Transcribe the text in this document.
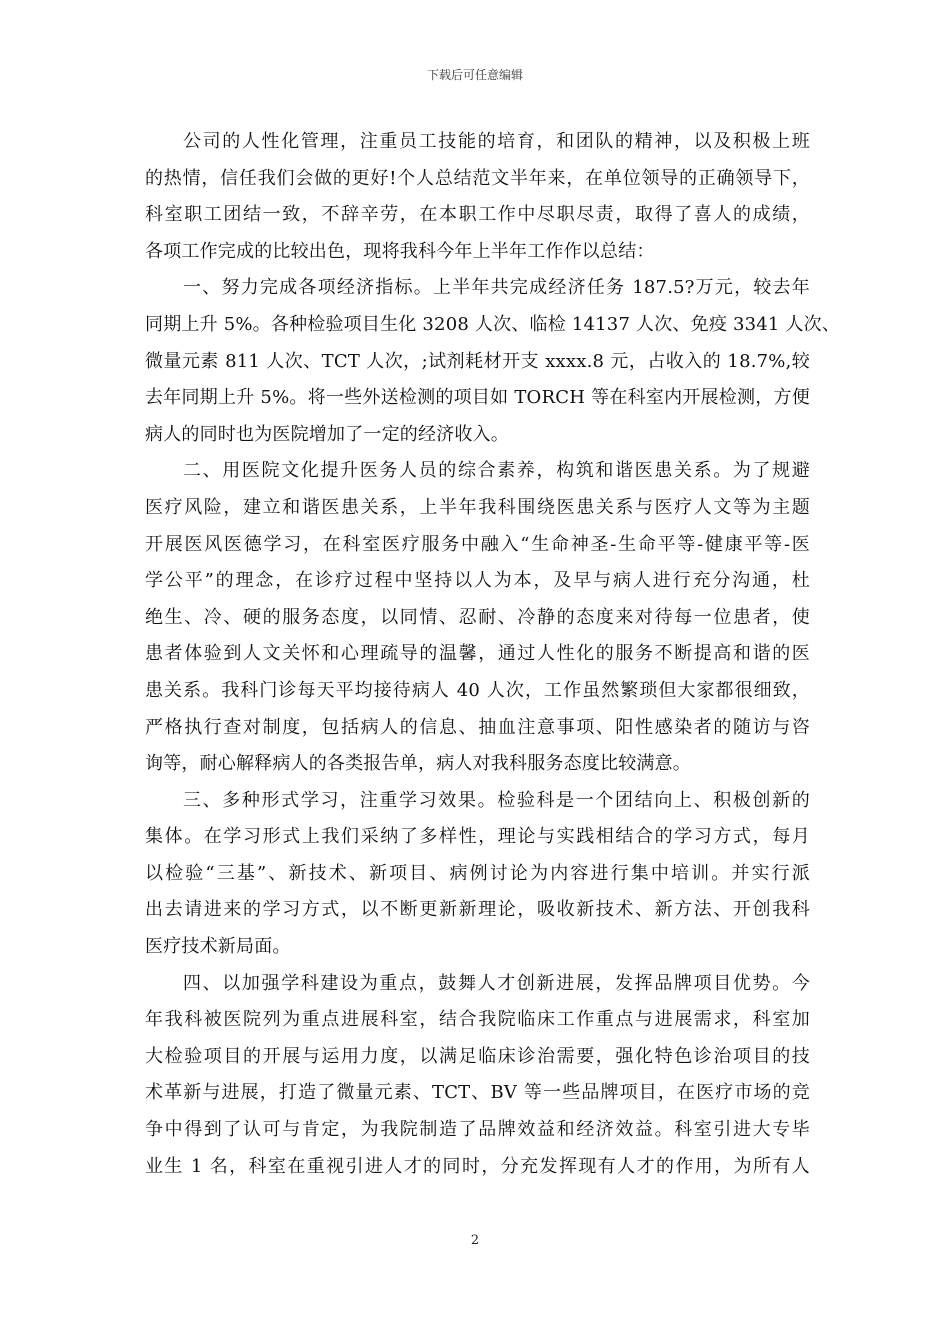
下载后可任意编辑
公司的人性化管理，注重员工技能的培育，和团队的精神，以及积极上班
的热情，信任我们会做的更好!个人总结范文半年来，在单位领导的正确领导下，
科室职工团结一致，不辞辛劳，在本职工作中尽职尽责，取得了喜人的成绩，
各项工作完成的比较出色，现将我科今年上半年工作作以总结：
一、努力完成各项经济指标。上半年共完成经济任务 187.5?万元，较去年
同期上升 5%。各种检验项目生化 3208 人次、临检 14137 人次、免疫 3341 人次、
微量元素 811 人次、TCT 人次，;试剂耗材开支 xxxx.8 元，占收入的 18.7%,较
去年同期上升 5%。将一些外送检测的项目如 TORCH 等在科室内开展检测，方便
病人的同时也为医院增加了一定的经济收入。
二、用医院文化提升医务人员的综合素养，构筑和谐医患关系。为了规避
医疗风险，建立和谐医患关系，上半年我科围绕医患关系与医疗人文等为主题
开展医风医德学习，在科室医疗服务中融入“生命神圣-生命平等-健康平等-医
学公平”的理念，在诊疗过程中坚持以人为本，及早与病人进行充分沟通，杜
绝生、冷、硬的服务态度，以同情、忍耐、冷静的态度来对待每一位患者，使
患者体验到人文关怀和心理疏导的温馨，通过人性化的服务不断提高和谐的医
患关系。我科门诊每天平均接待病人 40 人次，工作虽然繁琐但大家都很细致，
严格执行查对制度，包括病人的信息、抽血注意事项、阳性感染者的随访与咨
询等，耐心解释病人的各类报告单，病人对我科服务态度比较满意。
三、多种形式学习，注重学习效果。检验科是一个团结向上、积极创新的
集体。在学习形式上我们采纳了多样性，理论与实践相结合的学习方式，每月
以检验“三基”、新技术、新项目、病例讨论为内容进行集中培训。并实行派
出去请进来的学习方式，以不断更新新理论，吸收新技术、新方法、开创我科
医疗技术新局面。
四、以加强学科建设为重点，鼓舞人才创新进展，发挥品牌项目优势。今
年我科被医院列为重点进展科室，结合我院临床工作重点与进展需求，科室加
大检验项目的开展与运用力度，以满足临床诊治需要，强化特色诊治项目的技
术革新与进展，打造了微量元素、TCT、BV 等一些品牌项目，在医疗市场的竞
争中得到了认可与肯定，为我院制造了品牌效益和经济效益。科室引进大专毕
业生 1 名，科室在重视引进人才的同时，分充发挥现有人才的作用，为所有人
2
